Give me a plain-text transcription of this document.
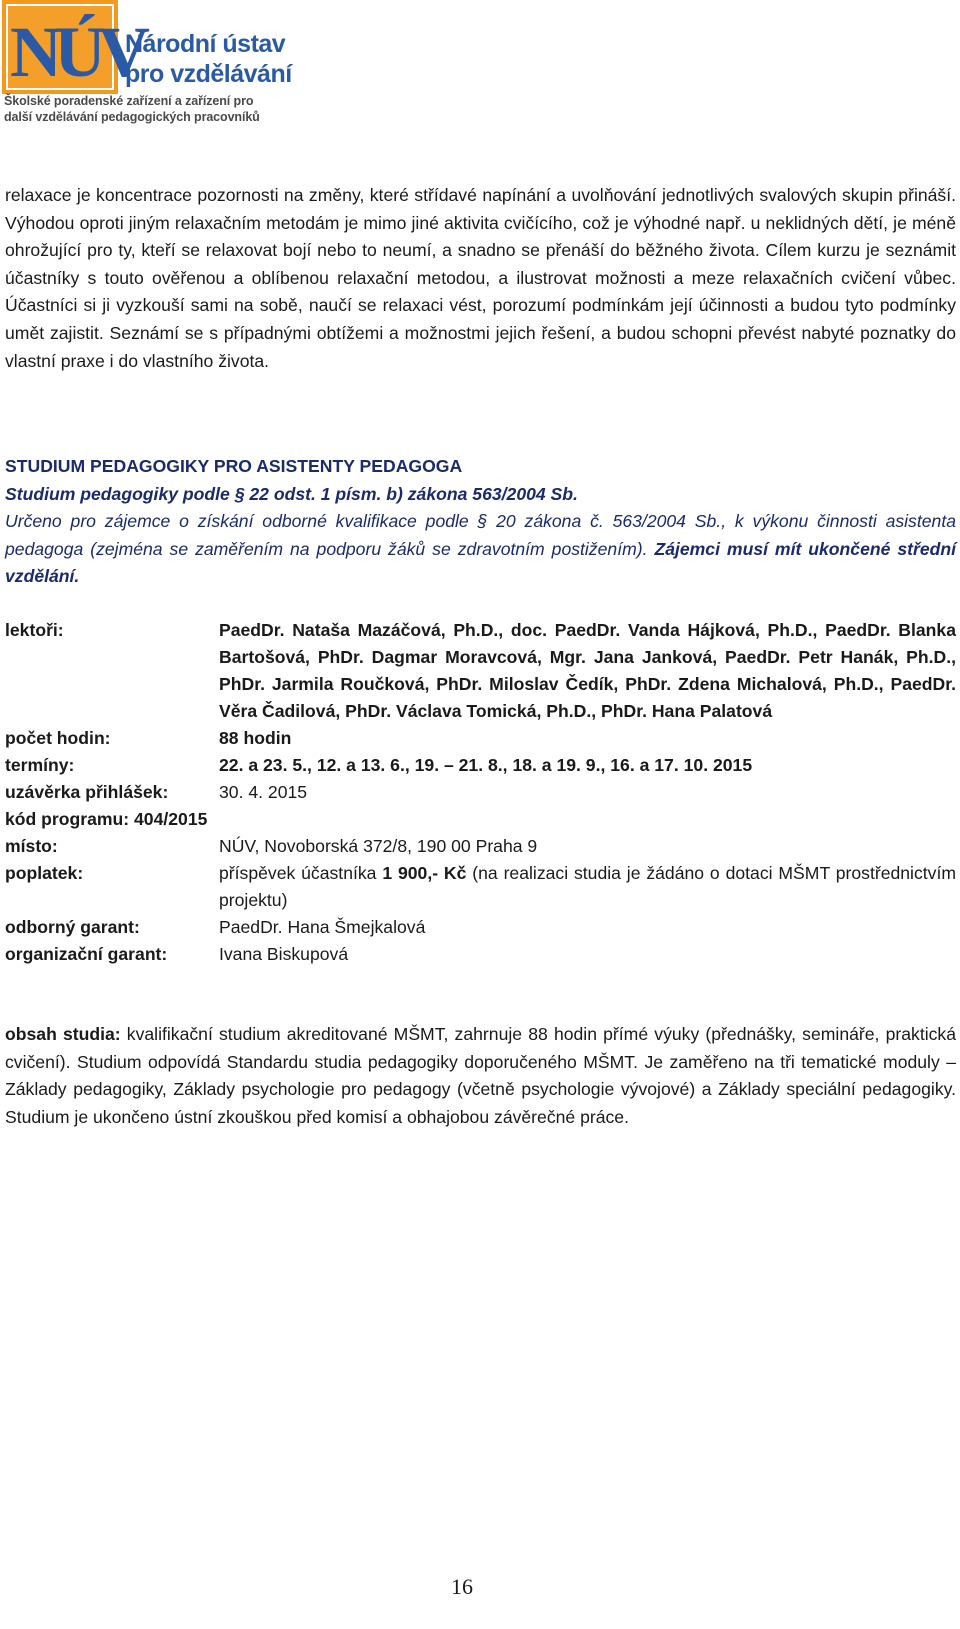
NÚV
Národní ústav
pro vzdělávání
Školské poradenské zařízení a zařízení pro
další vzdělávání pedagogických pracovníků

relaxace je koncentrace pozornosti na změny, které střídavé napínání a uvolňování jednotlivých svalových skupin přináší. Výhodou oproti jiným relaxačním metodám je mimo jiné aktivita cvičícího, což je výhodné např. u neklidných dětí, je méně ohrožující pro ty, kteří se relaxovat bojí nebo to neumí, a snadno se přenáší do běžného života. Cílem kurzu je seznámit účastníky s touto ověřenou a oblíbenou relaxační metodou, a ilustrovat možnosti a meze relaxačních cvičení vůbec. Účastníci si ji vyzkouší sami na sobě, naučí se relaxaci vést, porozumí podmínkám její účinnosti a budou tyto podmínky umět zajistit. Seznámí se s případnými obtížemi a možnostmi jejich řešení, a budou schopni převést nabyté poznatky do vlastní praxe i do vlastního života.

STUDIUM PEDAGOGIKY PRO ASISTENTY PEDAGOGA
Studium pedagogiky podle § 22 odst. 1 písm. b) zákona 563/2004 Sb.
Určeno pro zájemce o získání odborné kvalifikace podle § 20 zákona č. 563/2004 Sb., k výkonu činnosti asistenta pedagoga (zejména se zaměřením na podporu žáků se zdravotním postižením). Zájemci musí mít ukončené střední vzdělání.
lektoři:	PaedDr. Nataša Mazáčová, Ph.D., doc. PaedDr. Vanda Hájková, Ph.D., PaedDr. Blanka Bartošová, PhDr. Dagmar Moravcová, Mgr. Jana Janková, PaedDr. Petr Hanák, Ph.D., PhDr. Jarmila Roučková, PhDr. Miloslav Čedík, PhDr. Zdena Michalová, Ph.D., PaedDr. Věra Čadilová, PhDr. Václava Tomická, Ph.D., PhDr. Hana Palatová
počet hodin:	88 hodin
termíny:	22. a 23. 5., 12. a 13. 6., 19. – 21. 8., 18. a 19. 9., 16. a 17. 10. 2015
uzávěrka přihlášek:	30. 4. 2015
kód programu: 404/2015
místo:	NÚV, Novoborská 372/8, 190 00 Praha 9
poplatek:	příspěvek účastníka 1 900,- Kč (na realizaci studia je žádáno o dotaci MŠMT prostřednictvím projektu)
odborný garant:	PaedDr. Hana Šmejkalová
organizační garant:	Ivana Biskupová

obsah studia: kvalifikační studium akreditované MŠMT, zahrnuje 88 hodin přímé výuky (přednášky, semináře, praktická cvičení). Studium odpovídá Standardu studia pedagogiky doporučeného MŠMT. Je zaměřeno na tři tematické moduly – Základy pedagogiky, Základy psychologie pro pedagogy (včetně psychologie vývojové) a Základy speciální pedagogiky. Studium je ukončeno ústní zkouškou před komisí a obhajobou závěrečné práce.

16
